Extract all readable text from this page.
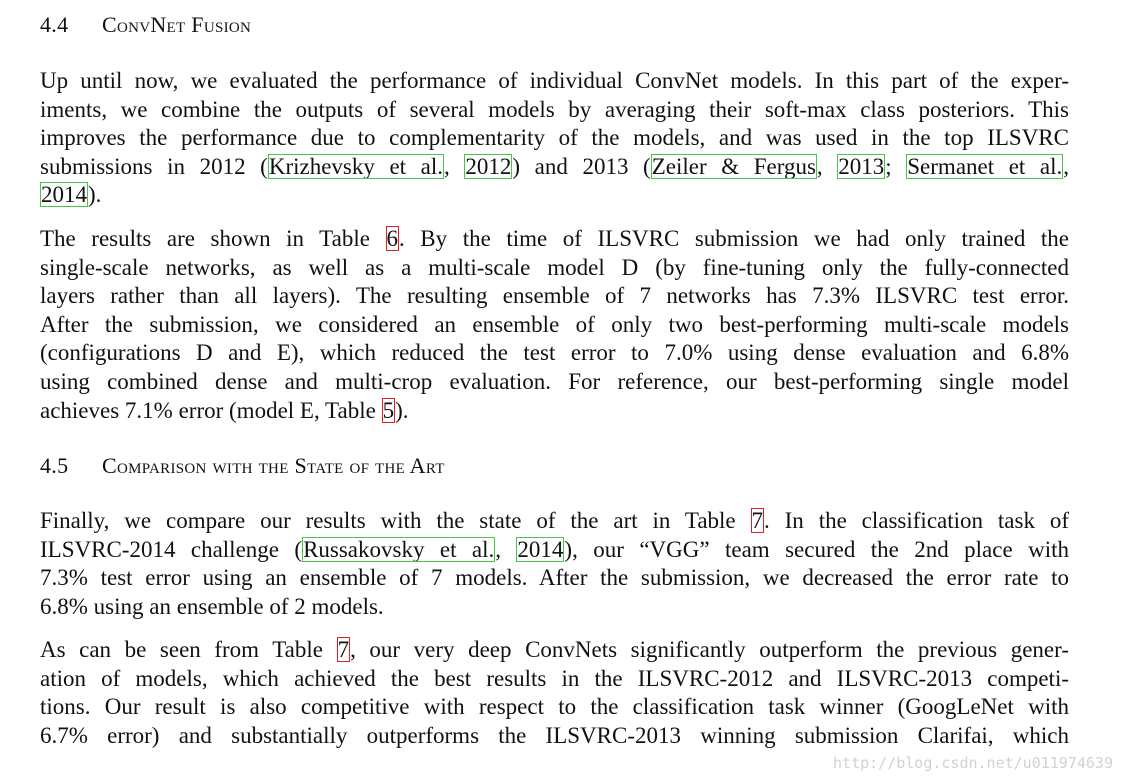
4.4 ConvNet Fusion
Up until now, we evaluated the performance of individual ConvNet models. In this part of the exper-
iments, we combine the outputs of several models by averaging their soft-max class posteriors. This
improves the performance due to complementarity of the models, and was used in the top ILSVRC
submissions in 2012 (Krizhevsky et al., 2012) and 2013 (Zeiler & Fergus, 2013; Sermanet et al.,
2014).
The results are shown in Table 6. By the time of ILSVRC submission we had only trained the
single-scale networks, as well as a multi-scale model D (by fine-tuning only the fully-connected
layers rather than all layers). The resulting ensemble of 7 networks has 7.3% ILSVRC test error.
After the submission, we considered an ensemble of only two best-performing multi-scale models
(configurations D and E), which reduced the test error to 7.0% using dense evaluation and 6.8%
using combined dense and multi-crop evaluation. For reference, our best-performing single model
achieves 7.1% error (model E, Table 5).
4.5 Comparison with the State of the Art
Finally, we compare our results with the state of the art in Table 7. In the classification task of
ILSVRC-2014 challenge (Russakovsky et al., 2014), our “VGG” team secured the 2nd place with
7.3% test error using an ensemble of 7 models. After the submission, we decreased the error rate to
6.8% using an ensemble of 2 models.
As can be seen from Table 7, our very deep ConvNets significantly outperform the previous gener-
ation of models, which achieved the best results in the ILSVRC-2012 and ILSVRC-2013 competi-
tions. Our result is also competitive with respect to the classification task winner (GoogLeNet with
6.7% error) and substantially outperforms the ILSVRC-2013 winning submission Clarifai, which
http://blog.csdn.net/u011974639
